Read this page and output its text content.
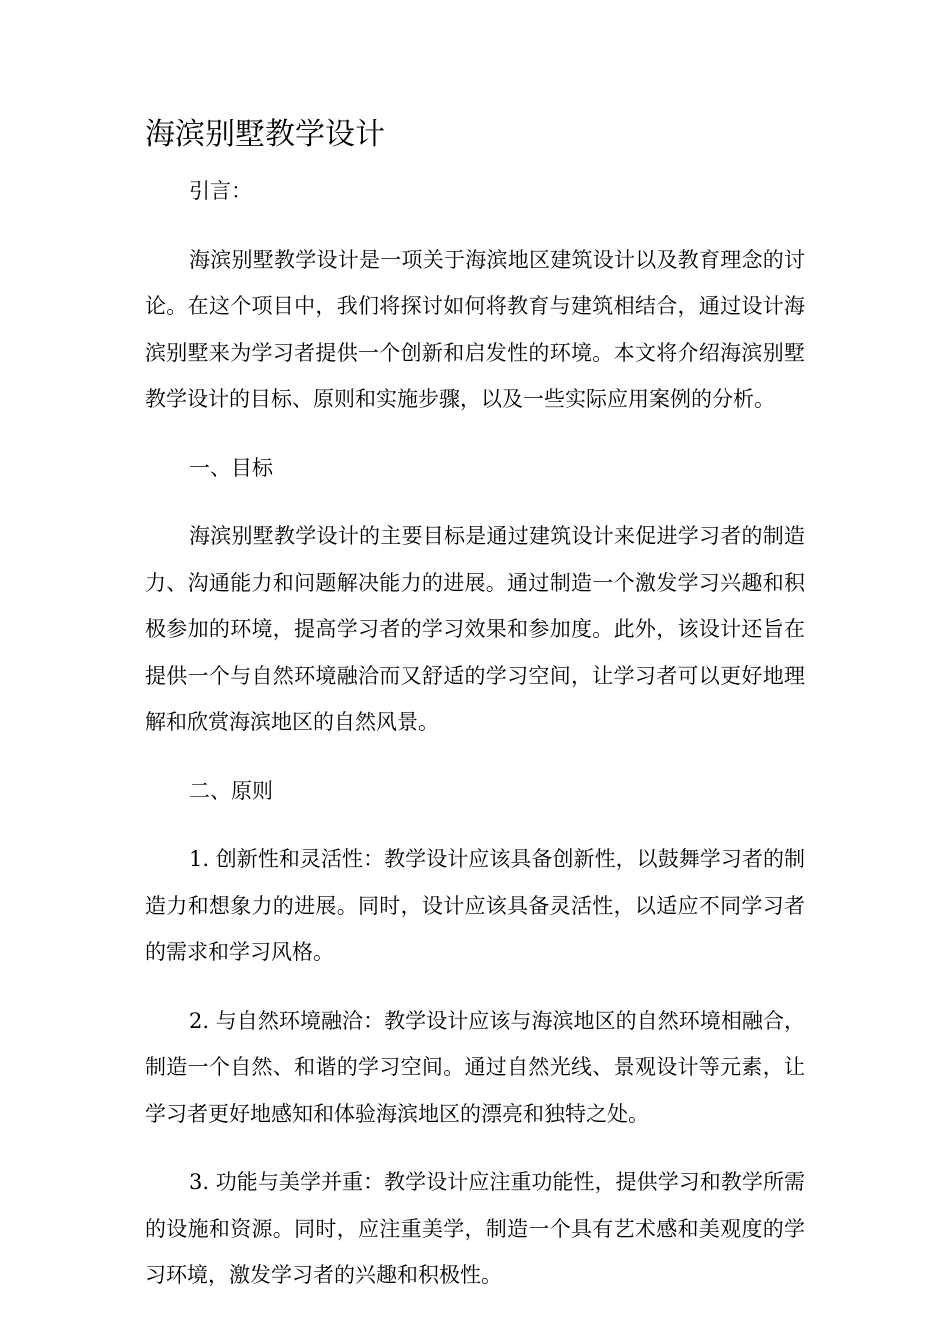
海滨别墅教学设计

引言：

海滨别墅教学设计是一项关于海滨地区建筑设计以及教育理念的讨论。在这个项目中，我们将探讨如何将教育与建筑相结合，通过设计海滨别墅来为学习者提供一个创新和启发性的环境。本文将介绍海滨别墅教学设计的目标、原则和实施步骤，以及一些实际应用案例的分析。

一、目标

海滨别墅教学设计的主要目标是通过建筑设计来促进学习者的制造力、沟通能力和问题解决能力的进展。通过制造一个激发学习兴趣和积极参加的环境，提高学习者的学习效果和参加度。此外，该设计还旨在提供一个与自然环境融洽而又舒适的学习空间，让学习者可以更好地理解和欣赏海滨地区的自然风景。

二、原则

1. 创新性和灵活性：教学设计应该具备创新性，以鼓舞学习者的制造力和想象力的进展。同时，设计应该具备灵活性，以适应不同学习者的需求和学习风格。

2. 与自然环境融洽：教学设计应该与海滨地区的自然环境相融合，制造一个自然、和谐的学习空间。通过自然光线、景观设计等元素，让学习者更好地感知和体验海滨地区的漂亮和独特之处。

3. 功能与美学并重：教学设计应注重功能性，提供学习和教学所需的设施和资源。同时，应注重美学，制造一个具有艺术感和美观度的学习环境，激发学习者的兴趣和积极性。
